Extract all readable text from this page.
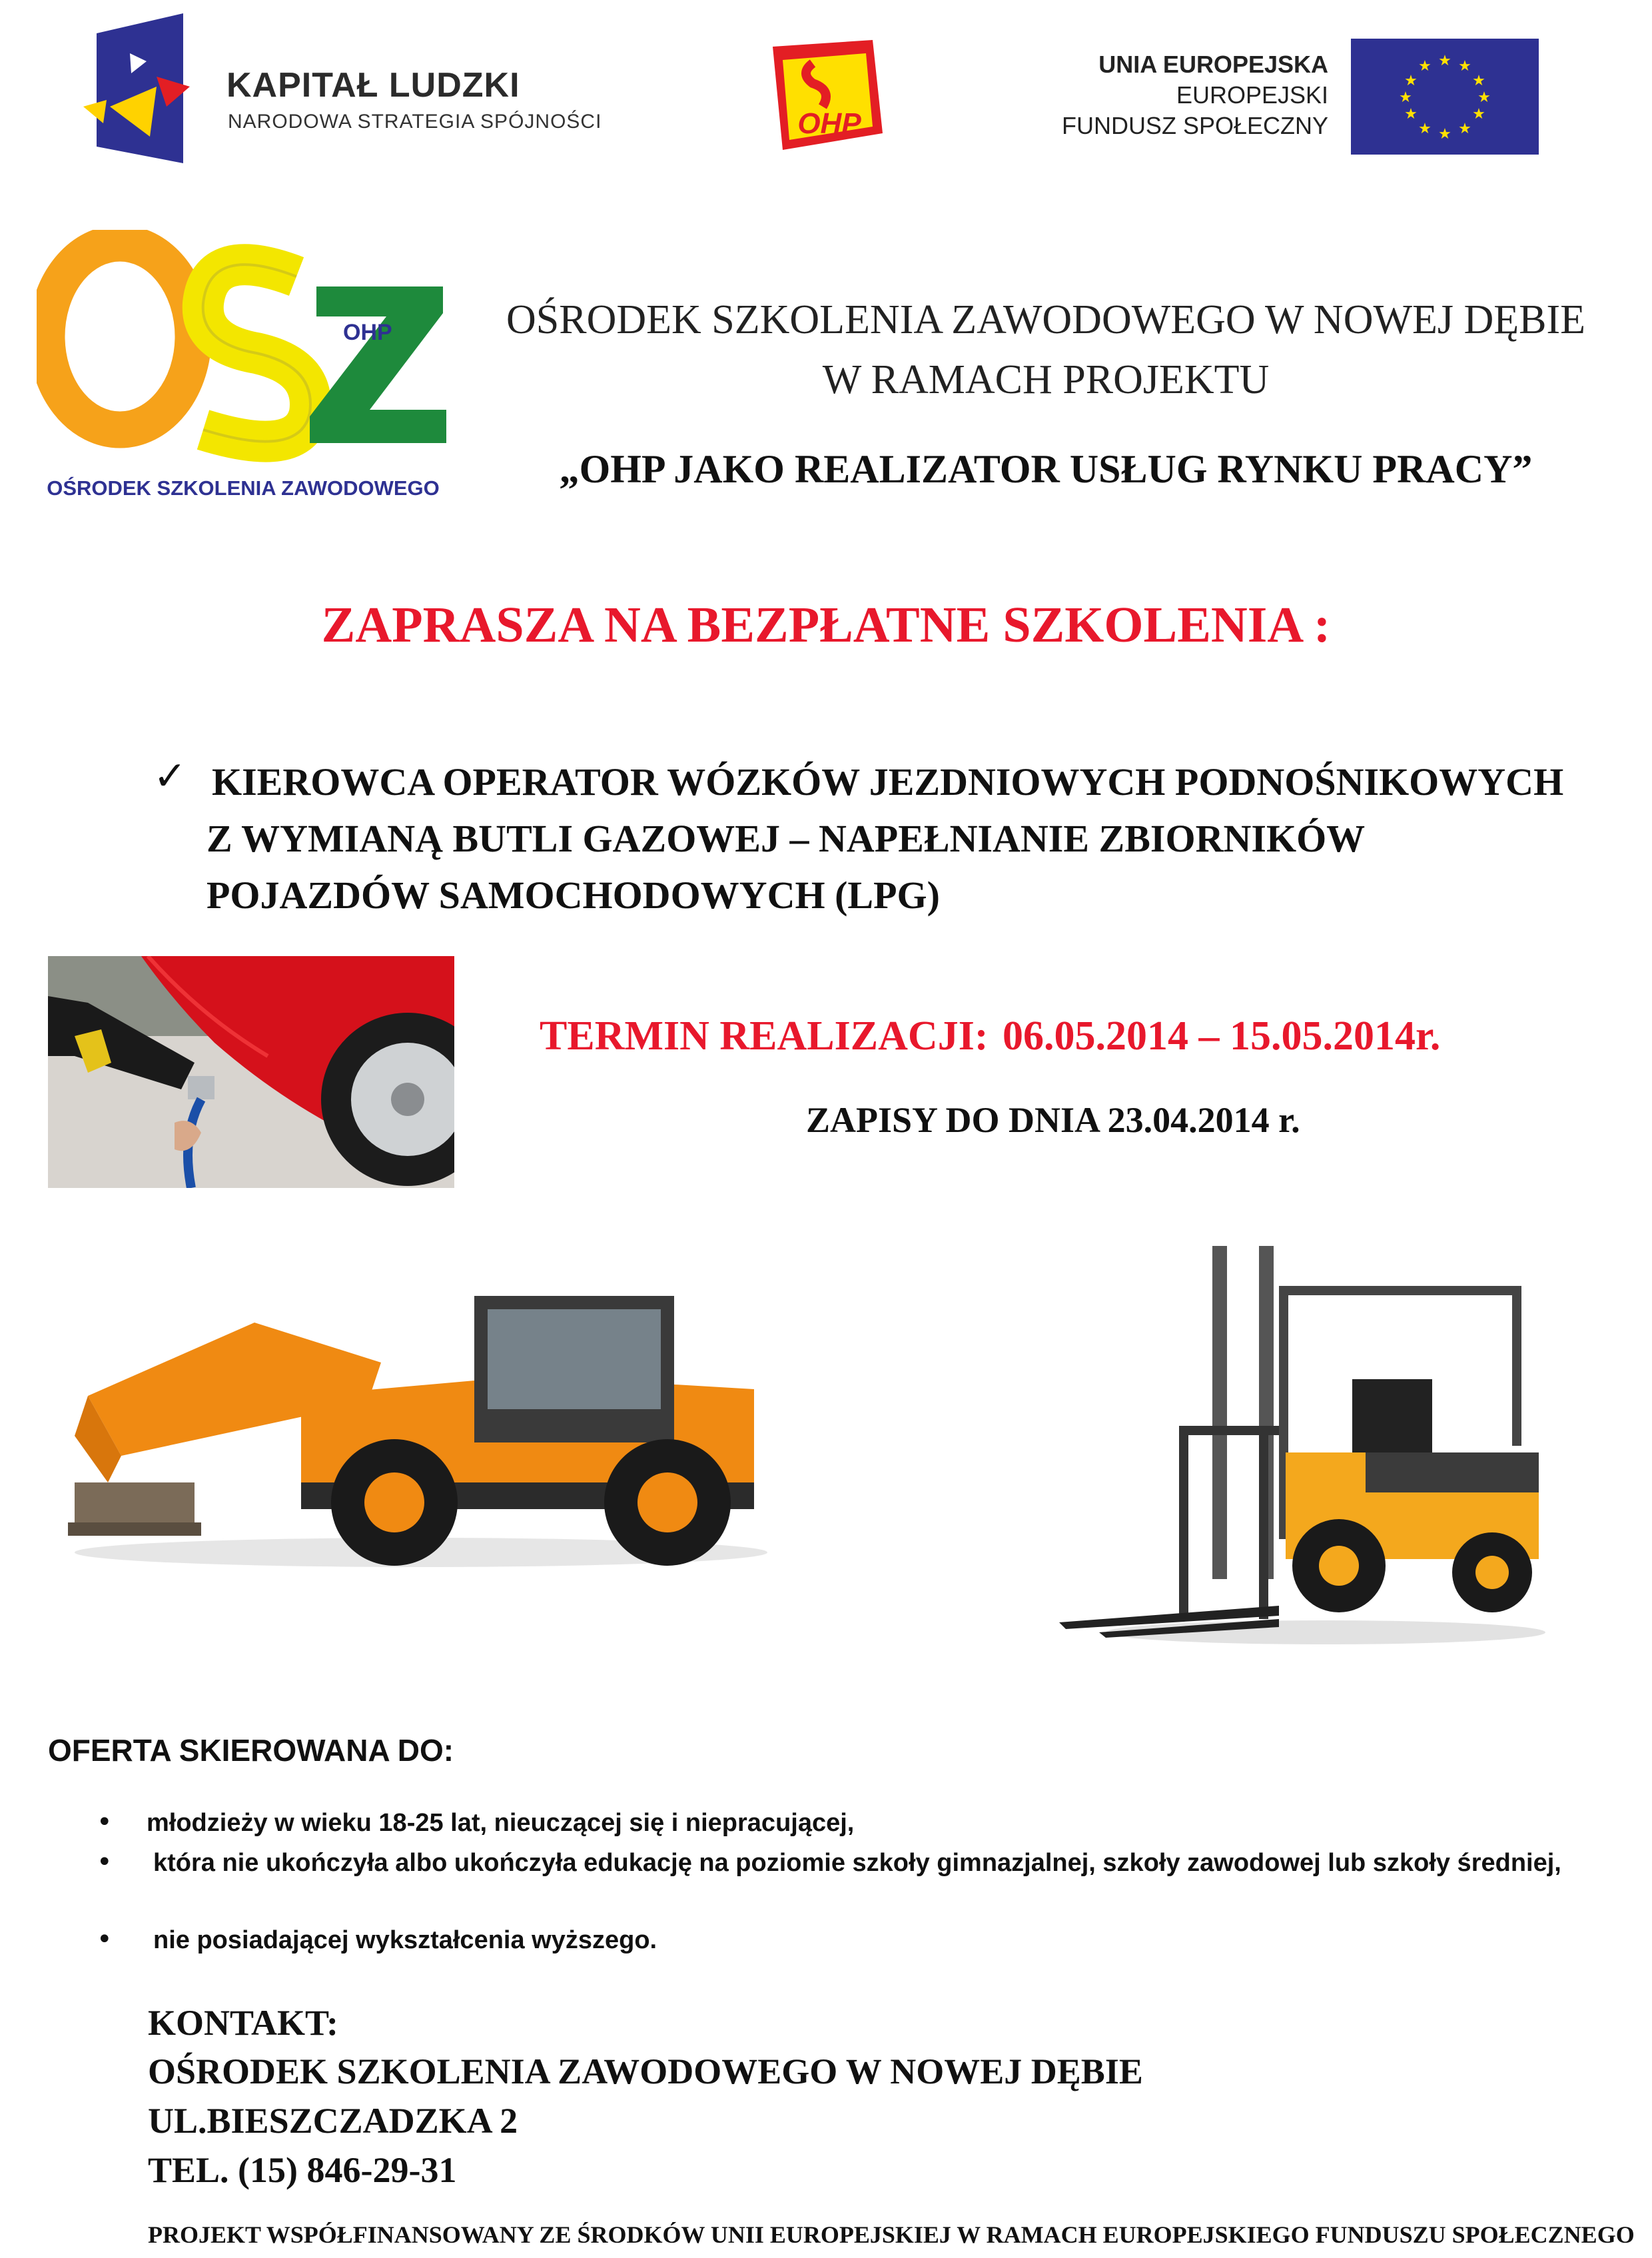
KAPITAŁ LUDZKI
NARODOWA STRATEGIA SPÓJNOŚCI	OHP
UNIA EUROPEJSKA
EUROPEJSKI
FUNDUSZ SPOŁECZNY
★ ★
★
★
★
★
★
★
★
★
★
★
OHP
OŚRODEK SZKOLENIA ZAWODOWEGO
OŚRODEK SZKOLENIA ZAWODOWEGO W NOWEJ DĘBIE
W RAMACH PROJEKTU
„OHP JAKO REALIZATOR USŁUG RYNKU PRACY”
ZAPRASZA NA BEZPŁATNE SZKOLENIA :
✓ KIEROWCA OPERATOR WÓZKÓW JEZDNIOWYCH PODNOŚNIKOWYCH
Z WYMIANĄ BUTLI GAZOWEJ – NAPEŁNIANIE ZBIORNIKÓW
POJAZDÓW SAMOCHODOWYCH (LPG)
TERMIN REALIZACJI: 06.05.2014 – 15.05.2014r.
ZAPISY DO DNIA 23.04.2014 r.
OFERTA SKIEROWANA DO:
• młodzieży w wieku 18-25 lat, nieuczącej się i niepracującej,
• która nie ukończyła albo ukończyła edukację na poziomie szkoły gimnazjalnej, szkoły zawodowej lub szkoły średniej,
• nie posiadającej wykształcenia wyższego.
KONTAKT:
OŚRODEK SZKOLENIA ZAWODOWEGO W NOWEJ DĘBIE
UL.BIESZCZADZKA 2
TEL. (15) 846-29-31
PROJEKT WSPÓŁFINANSOWANY ZE ŚRODKÓW UNII EUROPEJSKIEJ W RAMACH EUROPEJSKIEGO FUNDUSZU SPOŁECZNEGO
